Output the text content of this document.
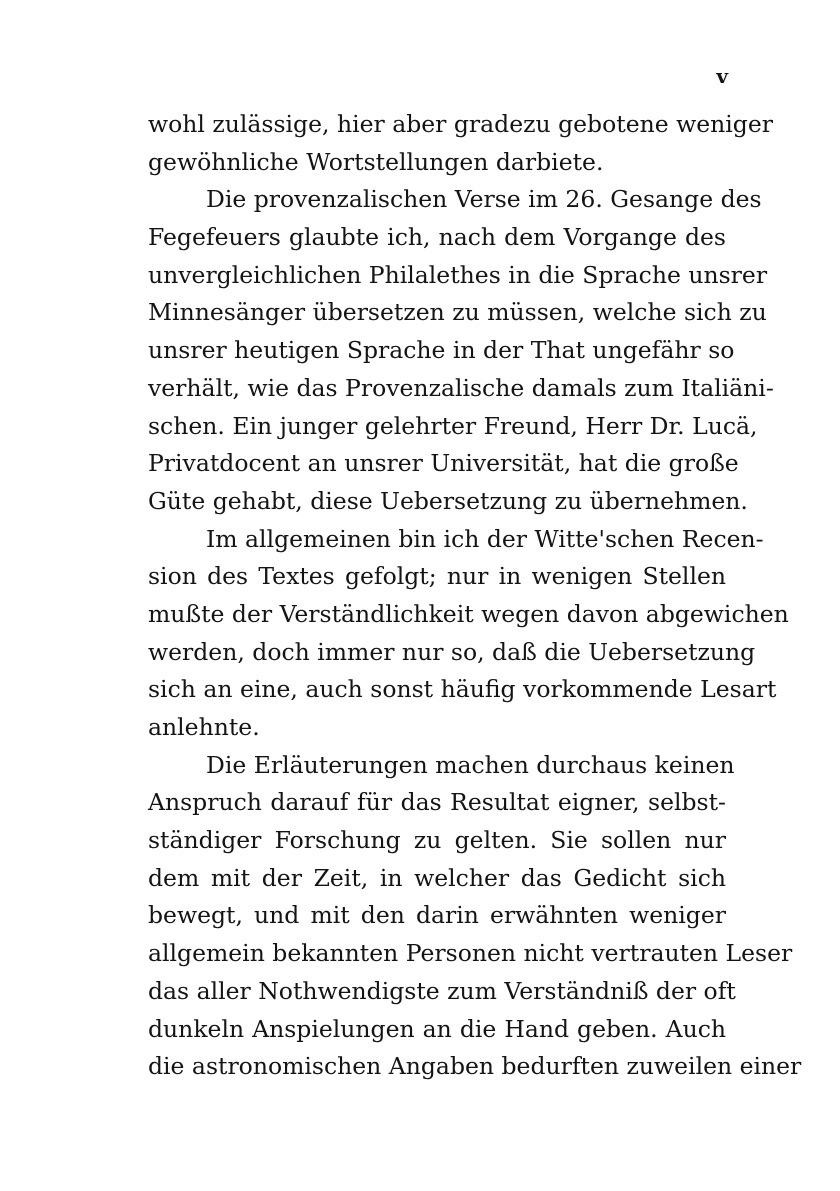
v
wohl zulässige, hier aber gradezu gebotene weniger
gewöhnliche Wortstellungen darbiete.
Die provenzalischen Verse im 26. Gesange des
Fegefeuers glaubte ich, nach dem Vorgange des
unvergleichlichen Philalethes in die Sprache unsrer
Minnesänger übersetzen zu müssen, welche sich zu
unsrer heutigen Sprache in der That ungefähr so
verhält, wie das Provenzalische damals zum Italiäni-
schen. Ein junger gelehrter Freund, Herr Dr. Lucä,
Privatdocent an unsrer Universität, hat die große
Güte gehabt, diese Uebersetzung zu übernehmen.
Im allgemeinen bin ich der Witte'schen Recen-
sion des Textes gefolgt; nur in wenigen Stellen
mußte der Verständlichkeit wegen davon abgewichen
werden, doch immer nur so, daß die Uebersetzung
sich an eine, auch sonst häufig vorkommende Lesart
anlehnte.
Die Erläuterungen machen durchaus keinen
Anspruch darauf für das Resultat eigner, selbst-
ständiger Forschung zu gelten. Sie sollen nur
dem mit der Zeit, in welcher das Gedicht sich
bewegt, und mit den darin erwähnten weniger
allgemein bekannten Personen nicht vertrauten Leser
das aller Nothwendigste zum Verständniß der oft
dunkeln Anspielungen an die Hand geben. Auch
die astronomischen Angaben bedurften zuweilen einer
